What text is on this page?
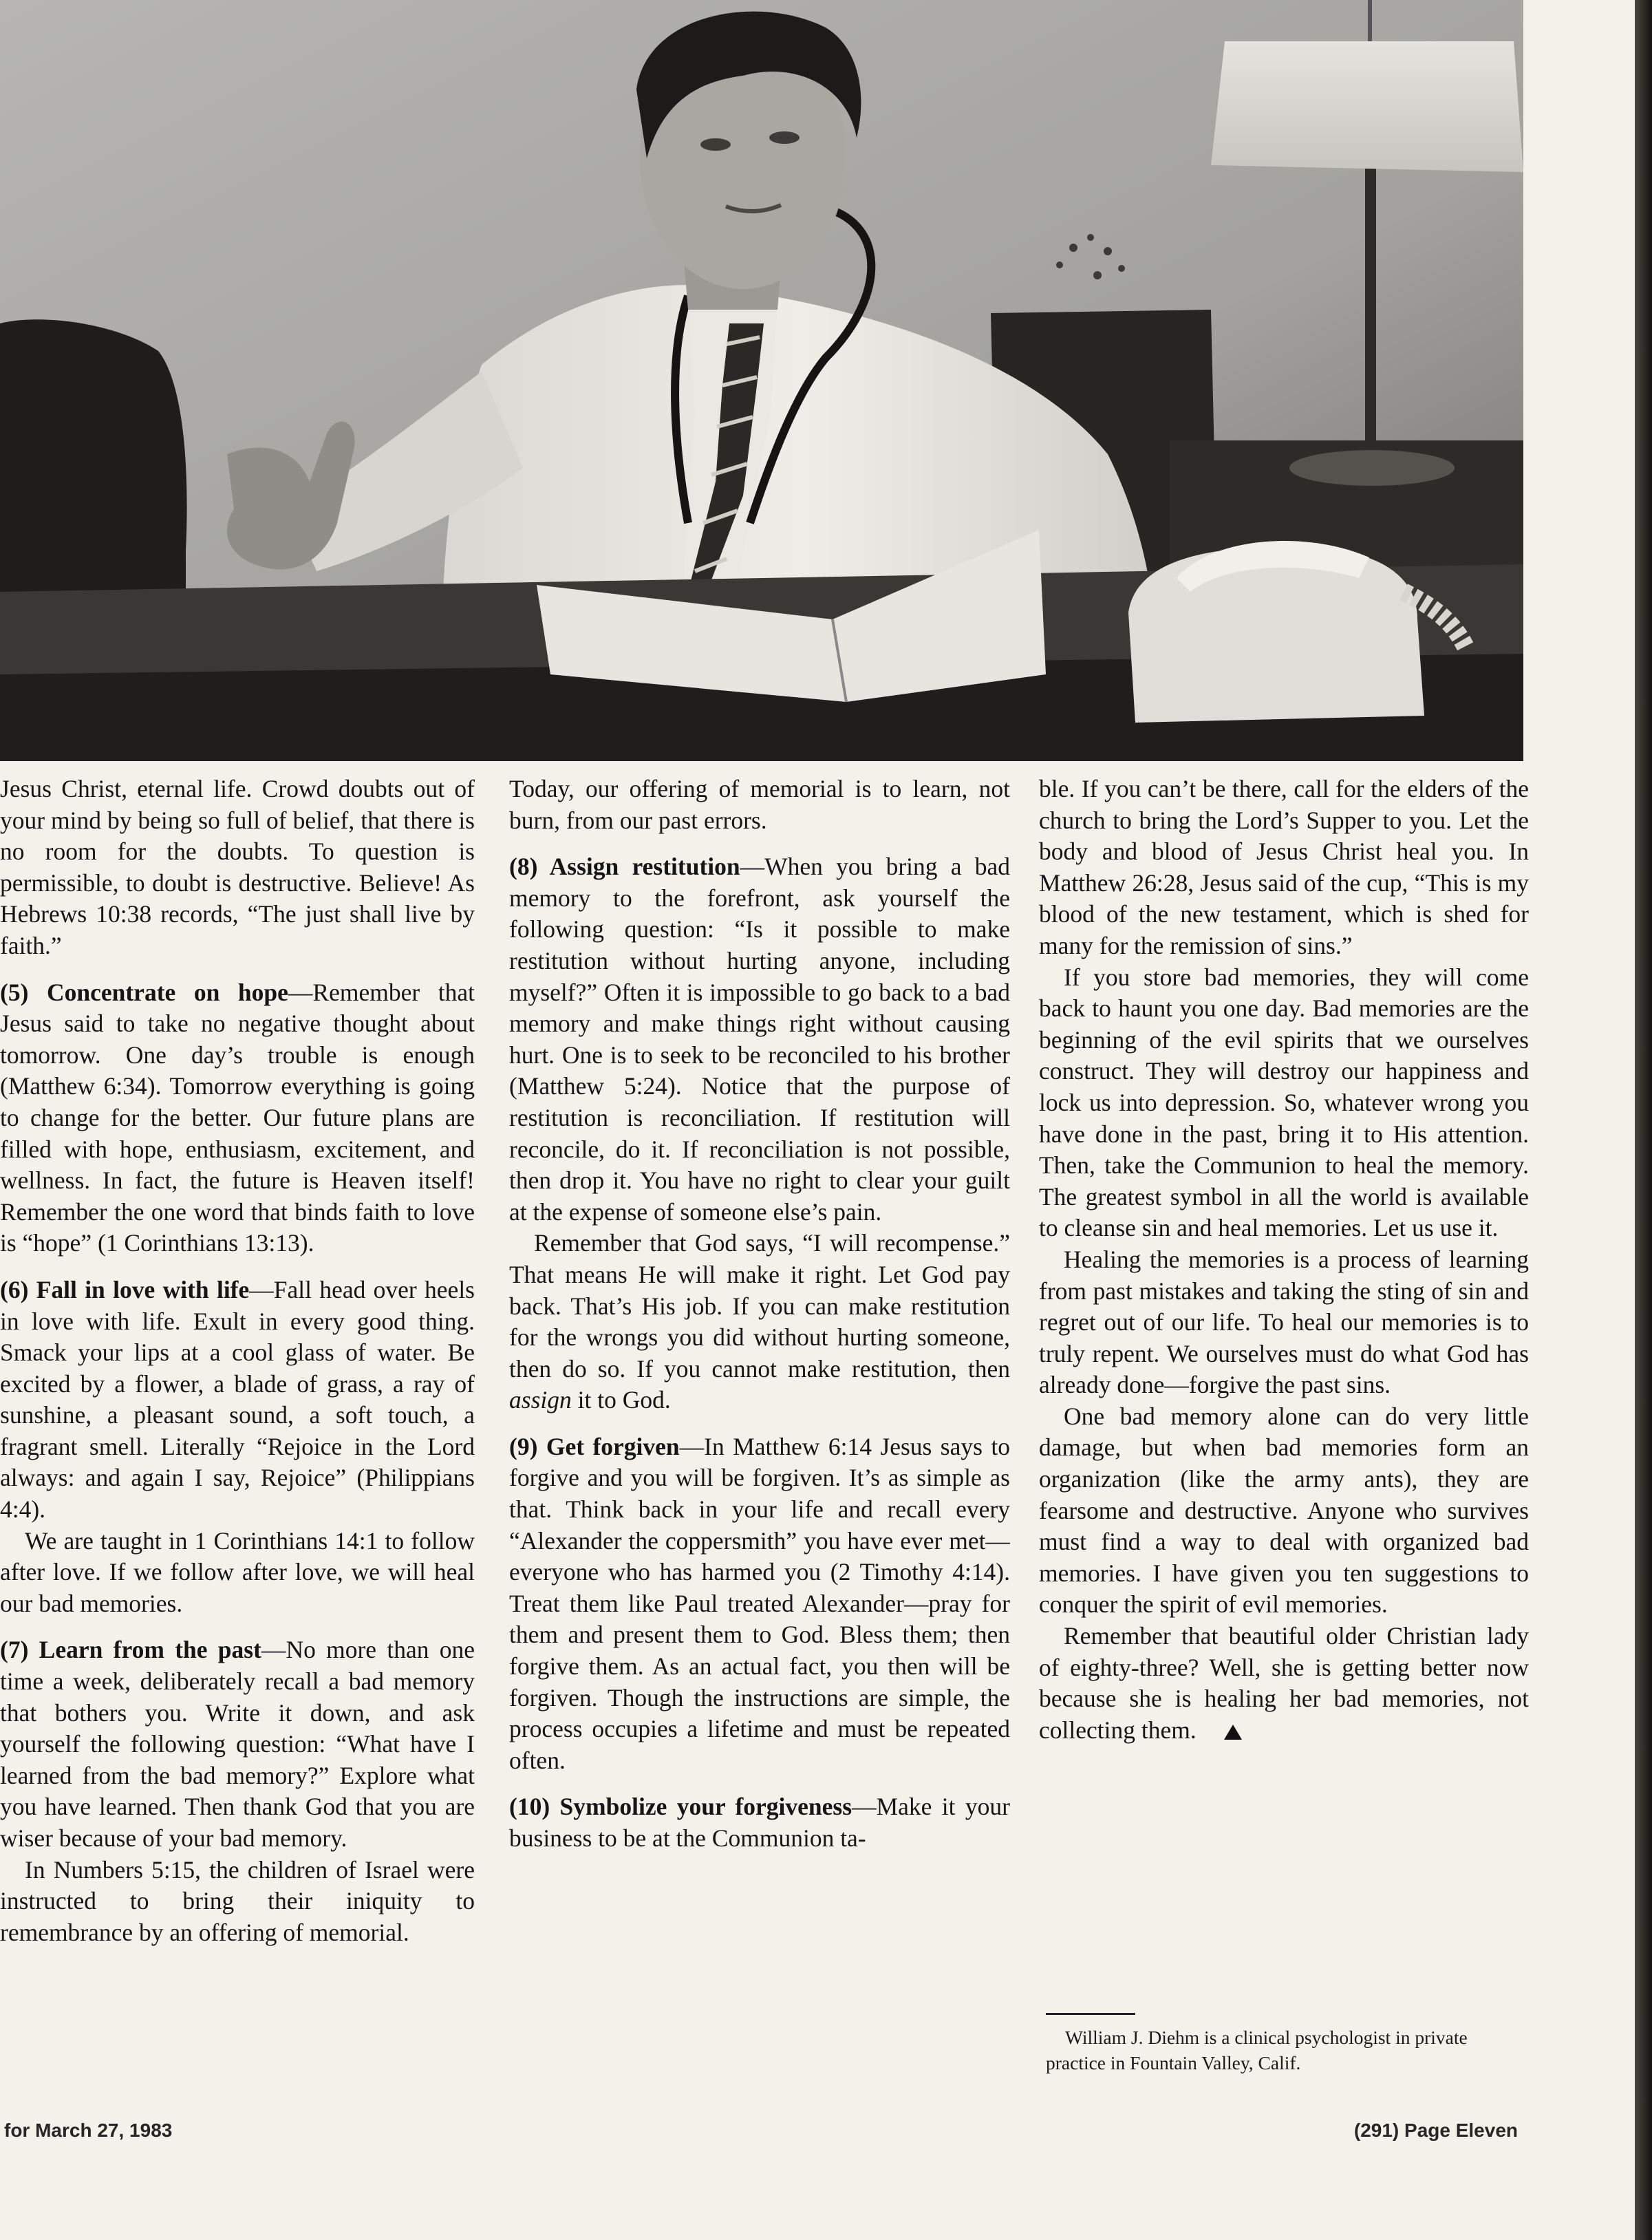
Jesus Christ, eternal life. Crowd doubts out of your mind by being so full of belief, that there is no room for the doubts. To question is permissible, to doubt is destructive. Believe! As Hebrews 10:38 records, “The just shall live by faith.”

(5) Concentrate on hope—Remember that Jesus said to take no negative thought about tomorrow. One day’s trouble is enough (Matthew 6:34). Tomorrow everything is going to change for the better. Our future plans are filled with hope, enthusiasm, excitement, and wellness. In fact, the future is Heaven itself! Remember the one word that binds faith to love is “hope” (1 Corinthians 13:13).

(6) Fall in love with life—Fall head over heels in love with life. Exult in every good thing. Smack your lips at a cool glass of water. Be excited by a flower, a blade of grass, a ray of sunshine, a pleasant sound, a soft touch, a fragrant smell. Literally “Rejoice in the Lord always: and again I say, Rejoice” (Philippians 4:4).

We are taught in 1 Corinthians 14:1 to follow after love. If we follow after love, we will heal our bad memories.

(7) Learn from the past—No more than one time a week, deliberately recall a bad memory that bothers you. Write it down, and ask yourself the following question: “What have I learned from the bad memory?” Explore what you have learned. Then thank God that you are wiser because of your bad memory.

In Numbers 5:15, the children of Israel were instructed to bring their iniquity to remembrance by an offering of memorial.

Today, our offering of memorial is to learn, not burn, from our past errors.

(8) Assign restitution—When you bring a bad memory to the forefront, ask yourself the following question: “Is it possible to make restitution without hurting anyone, including myself?” Often it is impossible to go back to a bad memory and make things right without causing hurt. One is to seek to be reconciled to his brother (Matthew 5:24). Notice that the purpose of restitution is reconciliation. If restitution will reconcile, do it. If reconciliation is not possible, then drop it. You have no right to clear your guilt at the expense of someone else’s pain.

Remember that God says, “I will recompense.” That means He will make it right. Let God pay back. That’s His job. If you can make restitution for the wrongs you did without hurting someone, then do so. If you cannot make restitution, then assign it to God.

(9) Get forgiven—In Matthew 6:14 Jesus says to forgive and you will be forgiven. It’s as simple as that. Think back in your life and recall every “Alexander the coppersmith” you have ever met—everyone who has harmed you (2 Timothy 4:14). Treat them like Paul treated Alexander—pray for them and present them to God. Bless them; then forgive them. As an actual fact, you then will be forgiven. Though the instructions are simple, the process occupies a lifetime and must be repeated often.

(10) Symbolize your forgiveness—Make it your business to be at the Communion ta-

ble. If you can’t be there, call for the elders of the church to bring the Lord’s Supper to you. Let the body and blood of Jesus Christ heal you. In Matthew 26:28, Jesus said of the cup, “This is my blood of the new testament, which is shed for many for the remission of sins.”

If you store bad memories, they will come back to haunt you one day. Bad memories are the beginning of the evil spirits that we ourselves construct. They will destroy our happiness and lock us into depression. So, whatever wrong you have done in the past, bring it to His attention. Then, take the Communion to heal the memory. The greatest symbol in all the world is available to cleanse sin and heal memories. Let us use it.

Healing the memories is a process of learning from past mistakes and taking the sting of sin and regret out of our life. To heal our memories is to truly repent. We ourselves must do what God has already done—forgive the past sins.

One bad memory alone can do very little damage, but when bad memories form an organization (like the army ants), they are fearsome and destructive. Anyone who survives must find a way to deal with organized bad memories. I have given you ten suggestions to conquer the spirit of evil memories.

Remember that beautiful older Christian lady of eighty-three? Well, she is getting better now because she is healing her bad memories, not collecting them.

William J. Diehm is a clinical psychologist in private practice in Fountain Valley, Calif.
for March 27, 1983	(291) Page Eleven
